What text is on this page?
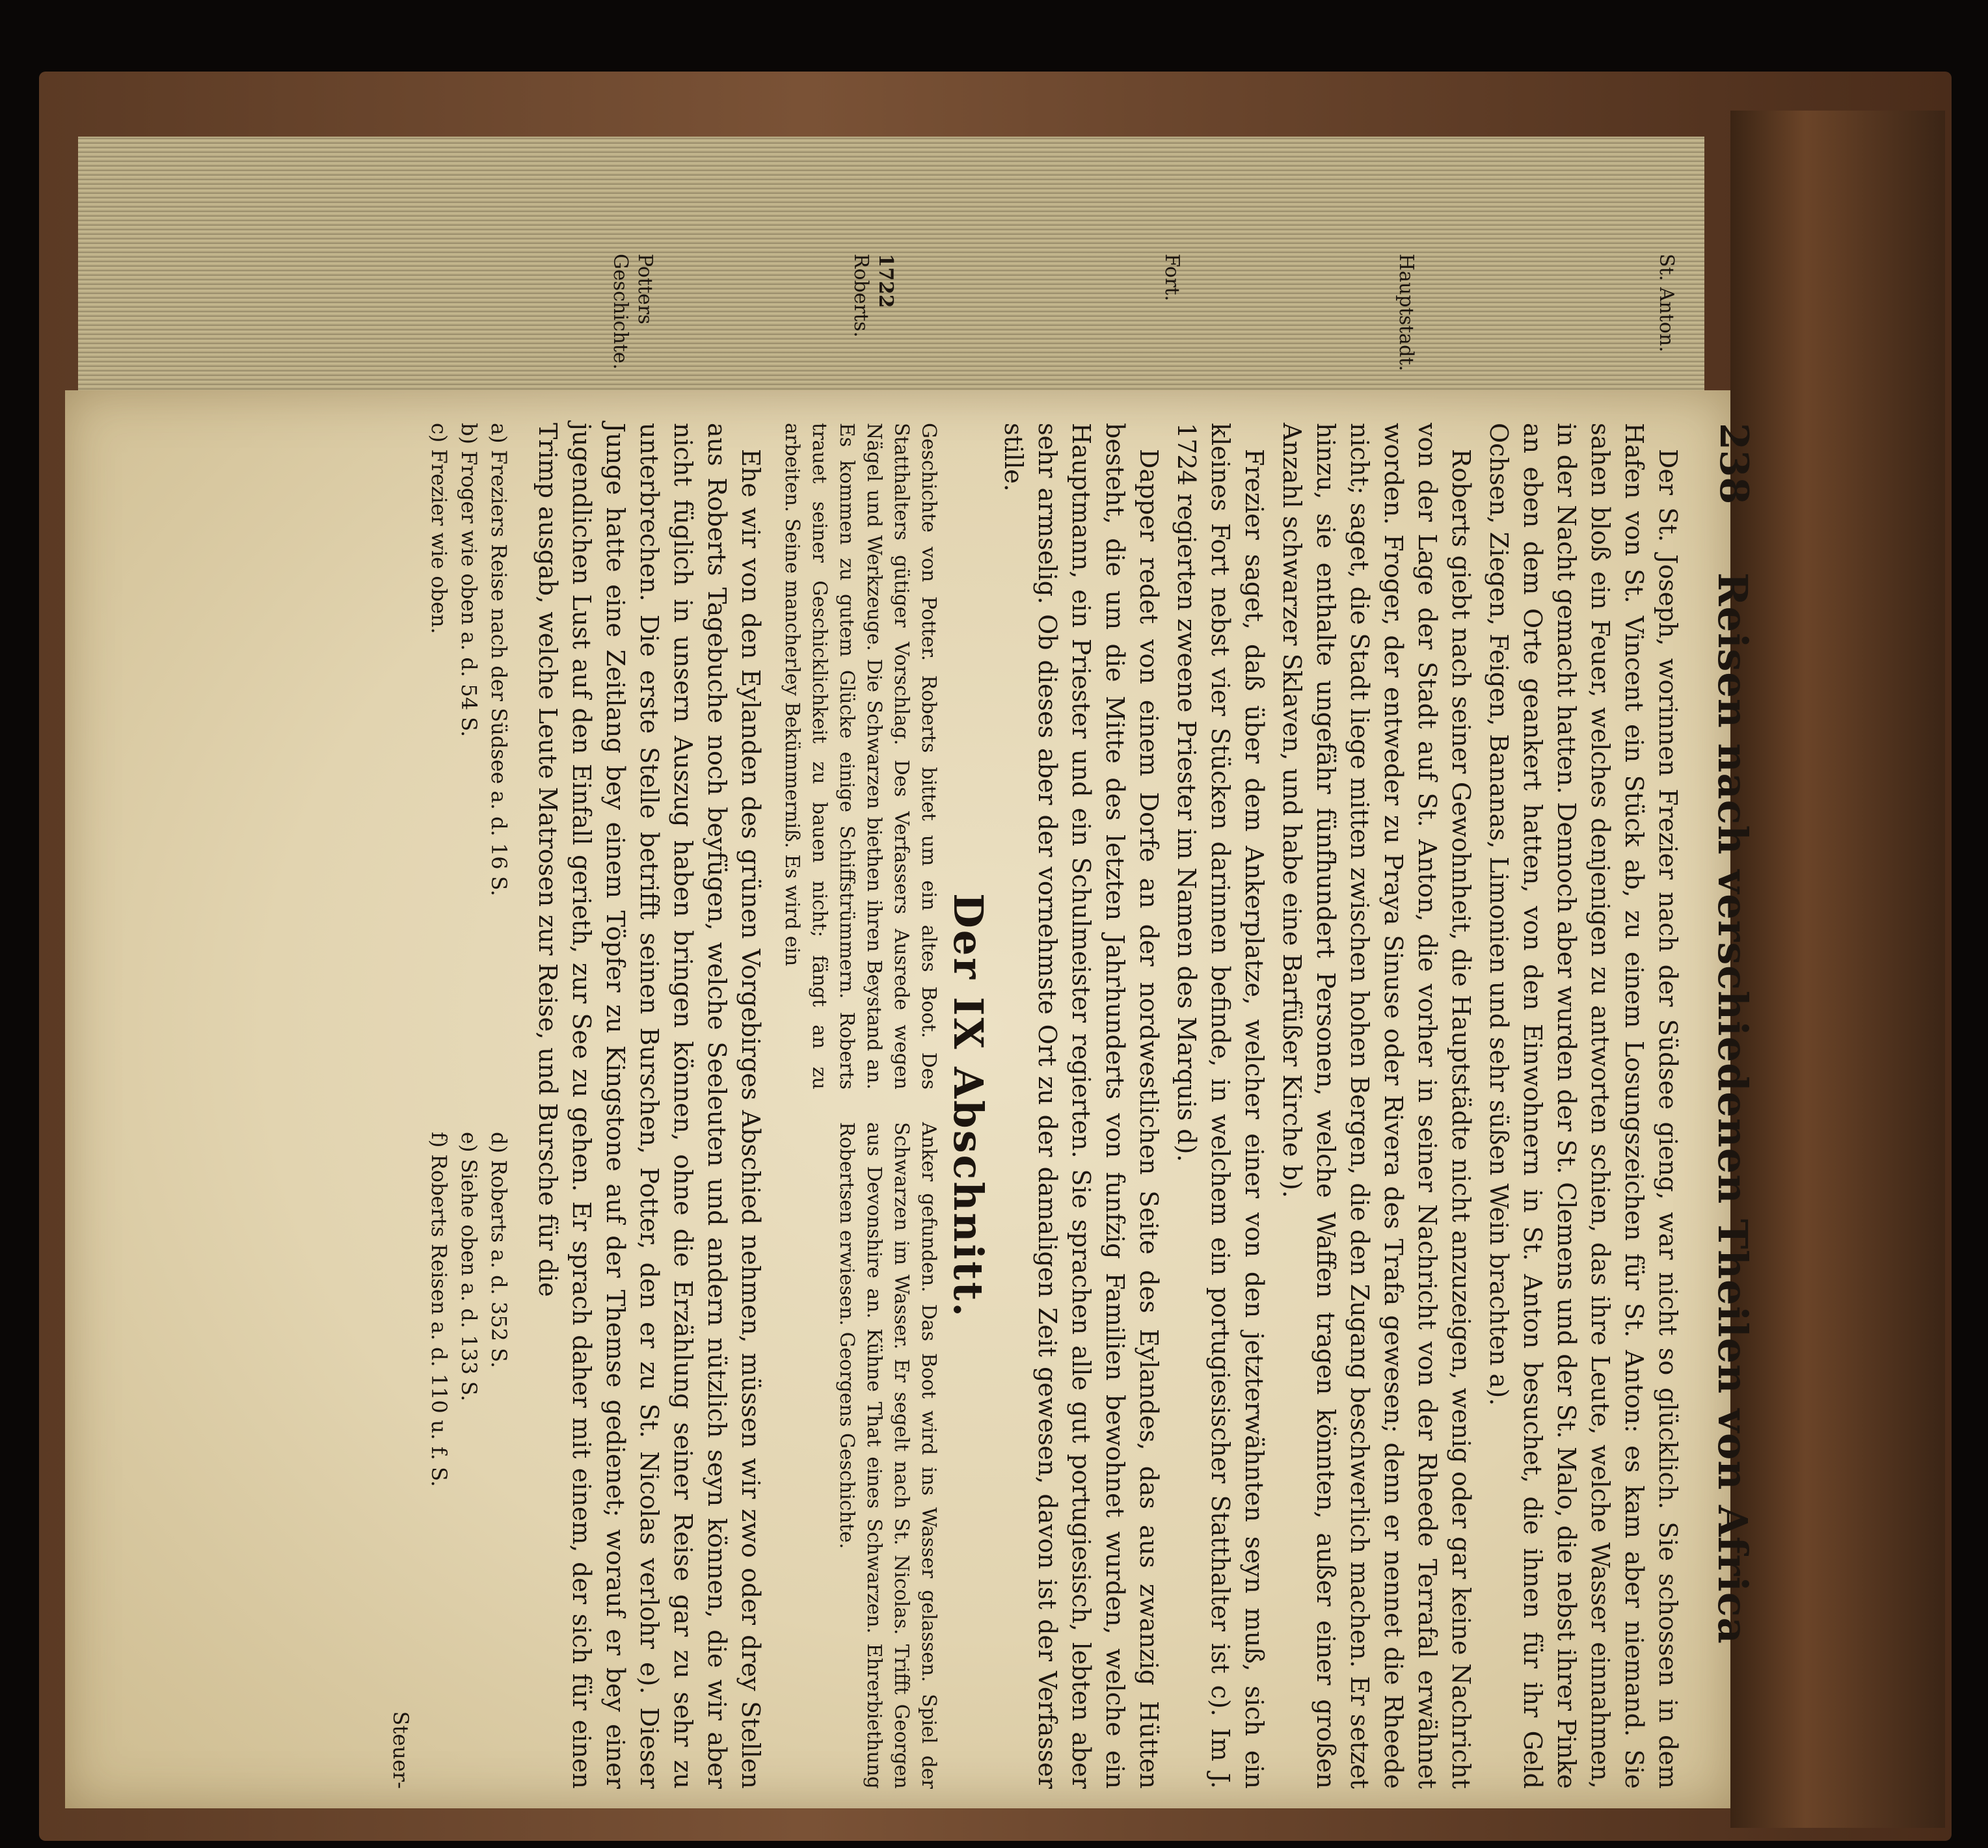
238
Reisen nach verschiedenen Theilen von Africa
St. Anton.
Hauptstadt.
Fort.
1722
Roberts.
Potters Geschichte.

Der St. Joseph, worinnen Frezier nach der Südsee gieng, war nicht so glücklich. Sie schossen in dem Hafen von St. Vincent ein Stück ab, zu einem Losungszeichen für St. Anton: es kam aber niemand. Sie sahen bloß ein Feuer, welches denjenigen zu antworten schien, das ihre Leute, welche Wasser einnahmen, in der Nacht gemacht hatten. Dennoch aber wurden der St. Clemens und der St. Malo, die nebst ihrer Pinke an eben dem Orte geankert hatten, von den Einwohnern in St. Anton besuchet, die ihnen für ihr Geld Ochsen, Ziegen, Feigen, Bananas, Limonien und sehr süßen Wein brachten a).

Roberts giebt nach seiner Gewohnheit, die Hauptstädte nicht anzuzeigen, wenig oder gar keine Nachricht von der Lage der Stadt auf St. Anton, die vorher in seiner Nachricht von der Rheede Terrafal erwähnet worden. Froger, der entweder zu Praya Sinuse oder Rivera des Trafa gewesen; denn er nennet die Rheede nicht; saget, die Stadt liege mitten zwischen hohen Bergen, die den Zugang beschwerlich machen. Er setzet hinzu, sie enthalte ungefähr fünfhundert Personen, welche Waffen tragen könnten, außer einer großen Anzahl schwarzer Sklaven, und habe eine Barfüßer Kirche b).

Frezier saget, daß über dem Ankerplatze, welcher einer von den jetzterwähnten seyn muß, sich ein kleines Fort nebst vier Stücken darinnen befinde, in welchem ein portugiesischer Statthalter ist c). Im J. 1724 regierten zweene Priester im Namen des Marquis d).

Dapper redet von einem Dorfe an der nordwestlichen Seite des Eylandes, das aus zwanzig Hütten besteht, die um die Mitte des letzten Jahrhunderts von funfzig Familien bewohnet wurden, welche ein Hauptmann, ein Priester und ein Schulmeister regierten. Sie sprachen alle gut portugiesisch, lebten aber sehr armselig. Ob dieses aber der vornehmste Ort zu der damaligen Zeit gewesen, davon ist der Verfasser stille.

Der IX Abschnitt.
Geschichte von Potter. Roberts bittet um ein altes Boot. Des Statthalters gütiger Vorschlag. Des Verfassers Ausrede wegen Nägel und Werkzeuge. Die Schwarzen biethen ihren Beystand an. Es kommen zu gutem Glücke einige Schiffstrümmern. Roberts trauet seiner Geschicklichkeit zu bauen nicht; fängt an zu arbeiten. Seine mancherley Bekümmerniß. Es wird ein
Anker gefunden. Das Boot wird ins Wasser gelassen. Spiel der Schwarzen im Wasser. Er segelt nach St. Nicolas. Trifft Georgen aus Devonshire an. Kühne That eines Schwarzen. Ehrerbiethung Robertsen erwiesen. Georgens Geschichte.

Ehe wir von den Eylanden des grünen Vorgebirges Abschied nehmen, müssen wir zwo oder drey Stellen aus Roberts Tagebuche noch beyfügen, welche Seeleuten und andern nützlich seyn können, die wir aber nicht füglich in unsern Auszug haben bringen können, ohne die Erzählung seiner Reise gar zu sehr zu unterbrechen. Die erste Stelle betrifft seinen Burschen, Potter, den er zu St. Nicolas verlohr e). Dieser Junge hatte eine Zeitlang bey einem Töpfer zu Kingstone auf der Themse gedienet; worauf er bey einer jugendlichen Lust auf den Einfall gerieth, zur See zu gehen. Er sprach daher mit einem, der sich für einen Trimp ausgab, welche Leute Matrosen zur Reise, und Bursche für die

a) Freziers Reise nach der Südsee a. d. 16 S.
b) Froger wie oben a. d. 54 S.
c) Frezier wie oben.
d) Roberts a. d. 352 S.
e) Siehe oben a. d. 133 S.
f) Roberts Reisen a. d. 110 u. f. S.
Steuer-
